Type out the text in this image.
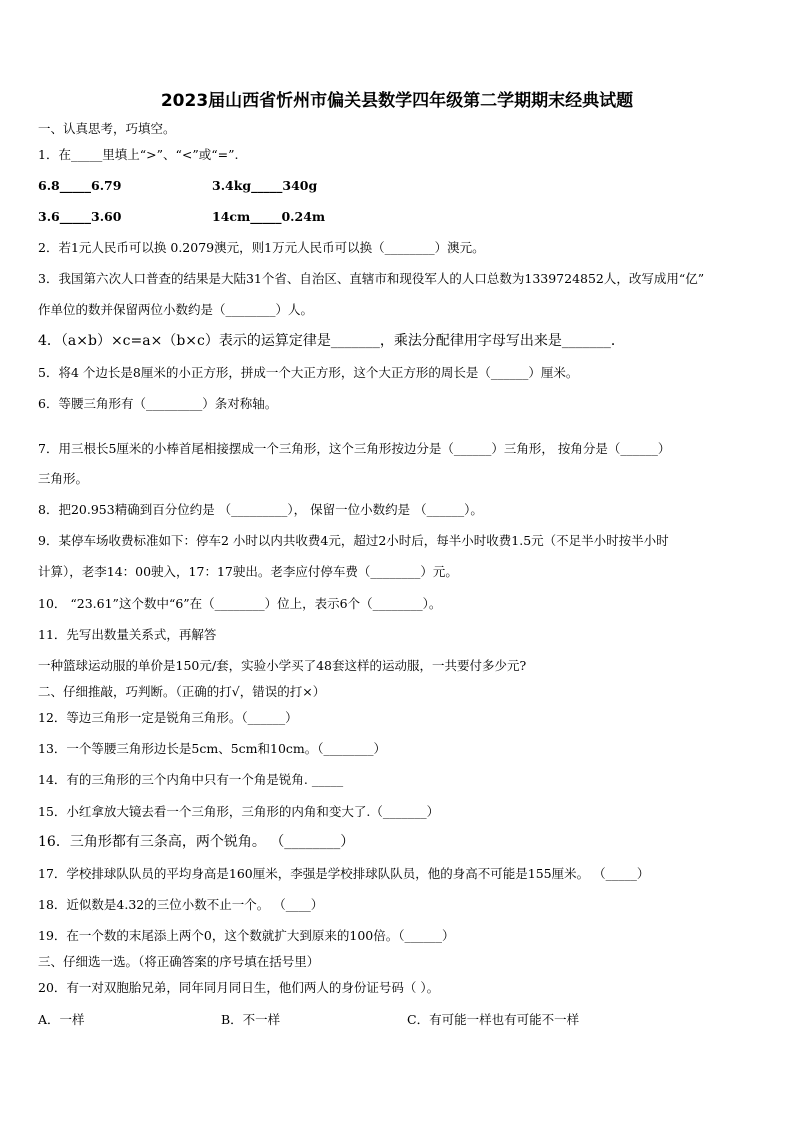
2023届山西省忻州市偏关县数学四年级第二学期期末经典试题
一、认真思考，巧填空。
1．在_____里填上“>”、“<”或“=”.
6.8_____6.79	3.4kg_____340g
3.6_____3.60	14cm_____0.24m
2．若1元人民币可以换 0.2079澳元，则1万元人民币可以换（________）澳元。
3．我国第六次人口普查的结果是大陆31个省、自治区、直辖市和现役军人的人口总数为1339724852人，改写成用“亿”
作单位的数并保留两位小数约是（________）人。
4．（a×b）×c=a×（b×c）表示的运算定律是_______，乘法分配律用字母写出来是_______．
5．将4 个边长是8厘米的小正方形，拼成一个大正方形，这个大正方形的周长是（______）厘米。
6．等腰三角形有（_________）条对称轴。
7．用三根长5厘米的小棒首尾相接摆成一个三角形，这个三角形按边分是（______）三角形， 按角分是（______）
三角形。
8．把20.953精确到百分位约是 （_________）， 保留一位小数约是 （______）。
9．某停车场收费标准如下：停车2 小时以内共收费4元，超过2小时后，每半小时收费1.5元（不足半小时按半小时
计算），老李14：00驶入，17：17驶出。老李应付停车费（________）元。
10． “23.61”这个数中“6”在（________）位上，表示6个（________）。
11．先写出数量关系式，再解答
一种篮球运动服的单价是150元/套，实验小学买了48套这样的运动服，一共要付多少元?
二、仔细推敲，巧判断。（正确的打√，错误的打×）
12．等边三角形一定是锐角三角形。（______）
13．一个等腰三角形边长是5cm、5cm和10cm。（________）
14．有的三角形的三个内角中只有一个角是锐角. _____
15．小红拿放大镜去看一个三角形，三角形的内角和变大了.（_______）
16．三角形都有三条高，两个锐角。 （________）
17．学校排球队队员的平均身高是160厘米，李强是学校排球队队员，他的身高不可能是155厘米。 （_____）
18．近似数是4.32的三位小数不止一个。 （____）
19．在一个数的末尾添上两个0，这个数就扩大到原来的100倍。（______）
三、仔细选一选。（将正确答案的序号填在括号里）
20．有一对双胞胎兄弟，同年同月同日生，他们两人的身份证号码（ ）。
A．一样	B．不一样	C．有可能一样也有可能不一样
